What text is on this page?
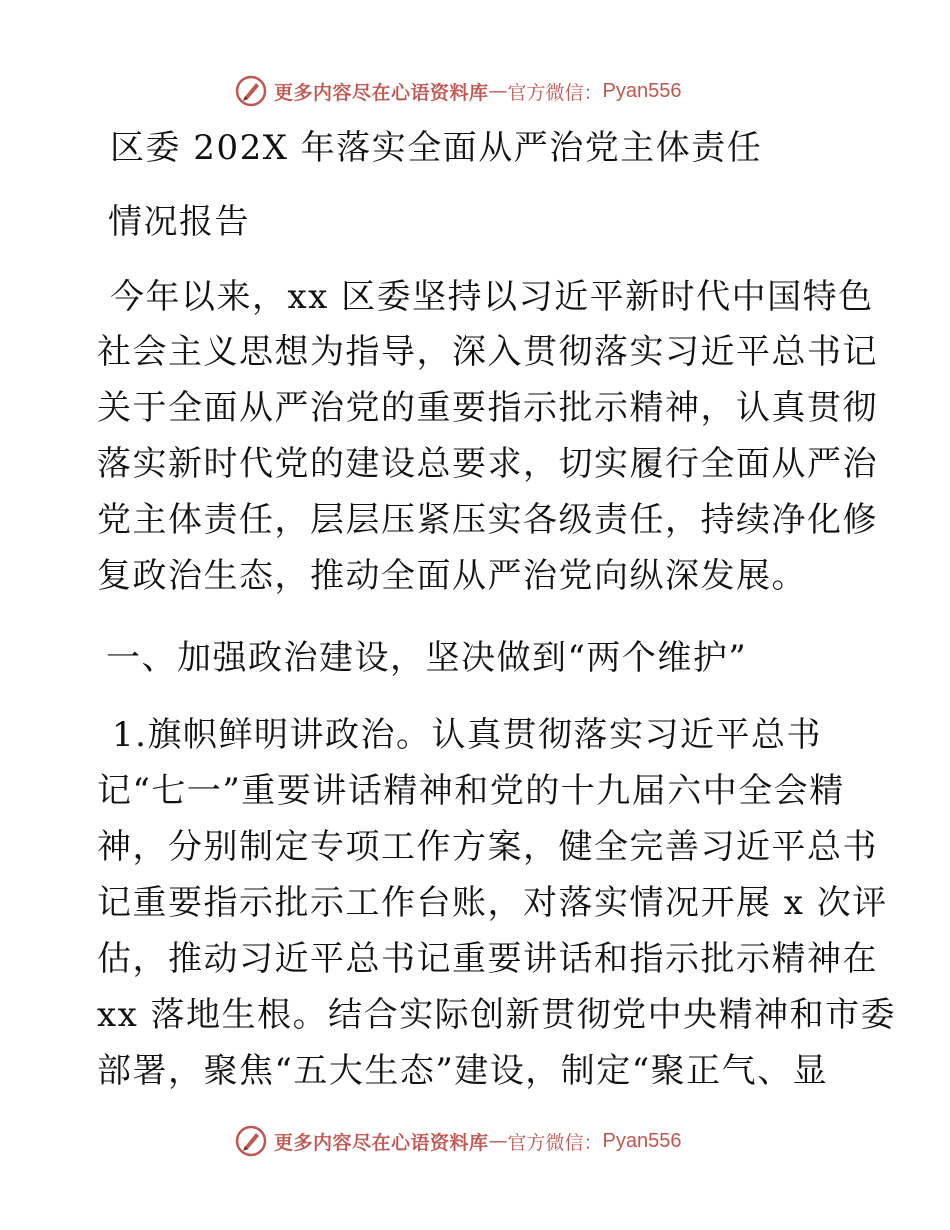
更多内容尽在心语资料库 — 官方微信： Pyan556

区委 202X 年落实全面从严治党主体责任

情况报告

今年以来，xx 区委坚持以习近平新时代中国特色

社会主义思想为指导，深入贯彻落实习近平总书记

关于全面从严治党的重要指示批示精神，认真贯彻

落实新时代党的建设总要求，切实履行全面从严治

党主体责任，层层压紧压实各级责任，持续净化修

复政治生态，推动全面从严治党向纵深发展。

一、加强政治建设，坚决做到“两个维护”

1.旗帜鲜明讲政治。认真贯彻落实习近平总书

记“七一”重要讲话精神和党的十九届六中全会精

神，分别制定专项工作方案，健全完善习近平总书

记重要指示批示工作台账，对落实情况开展 x 次评

估，推动习近平总书记重要讲话和指示批示精神在

xx 落地生根。结合实际创新贯彻党中央精神和市委

部署，聚焦“五大生态”建设，制定“聚正气、显

更多内容尽在心语资料库 — 官方微信： Pyan556
